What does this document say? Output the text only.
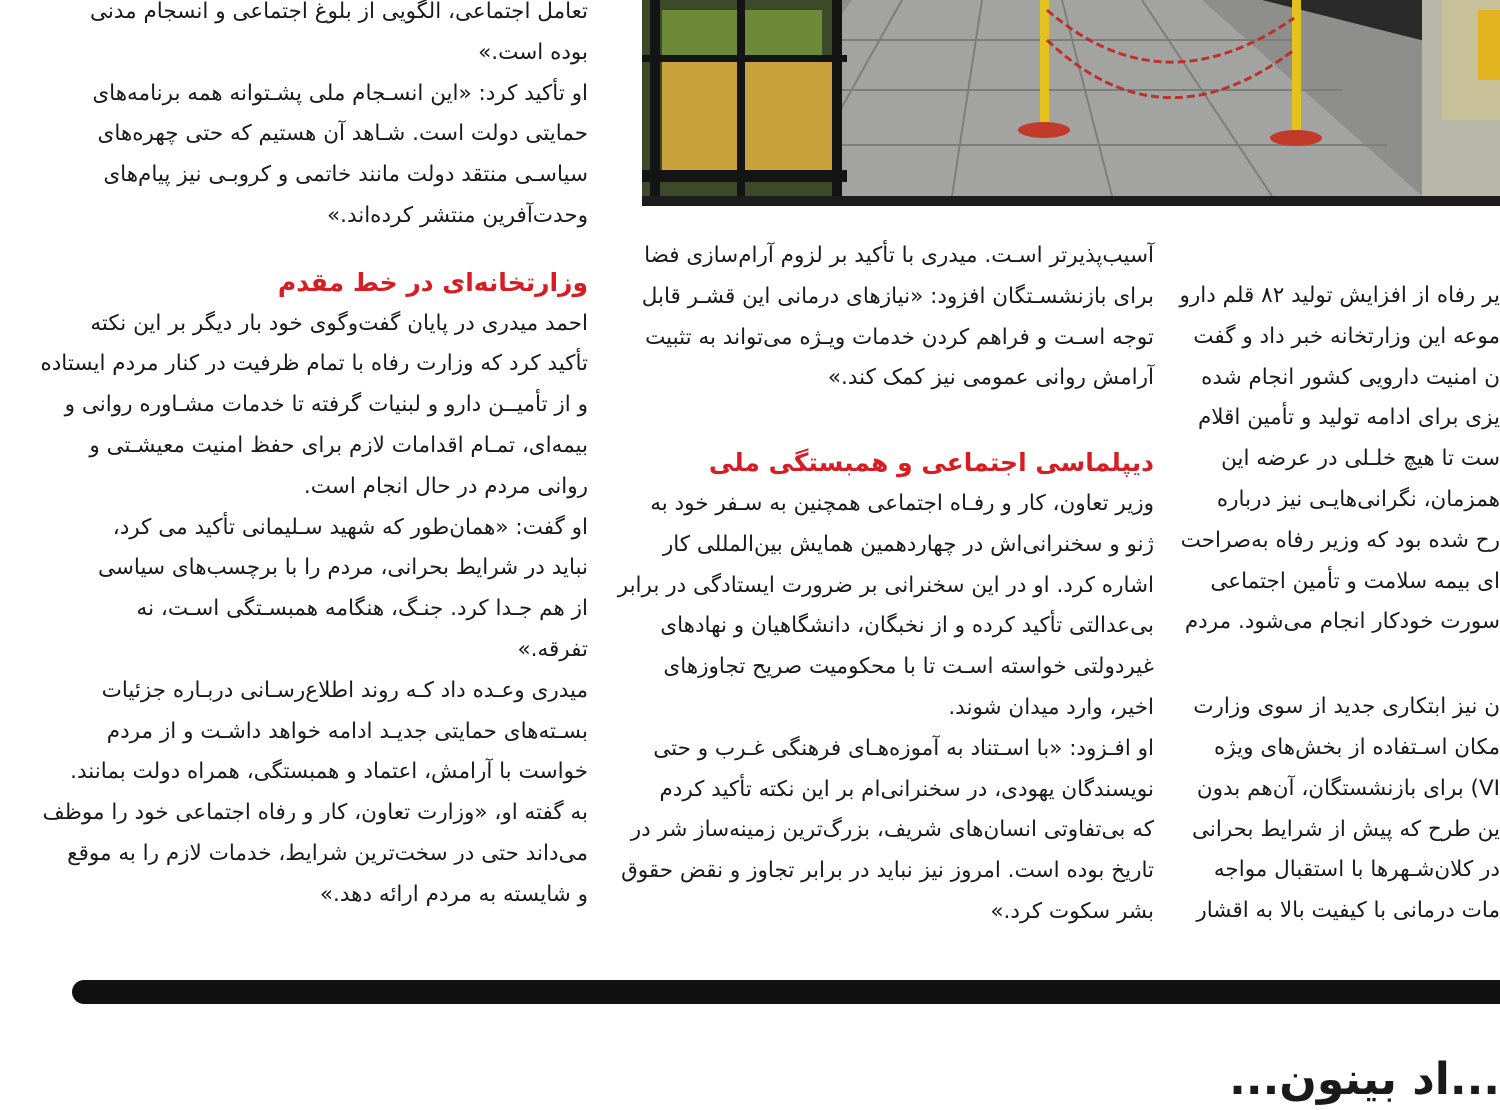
تعامل اجتماعی، الگویی از بلوغ اجتماعی و انسجام مدنی
بوده است.»

او تأکید کرد: «این انسـجام ملی پشـتوانه همه برنامه‌های
حمایتی دولت است. شـاهد آن هستیم که حتی چهره‌های
سیاسـی منتقد دولت مانند خاتمی و کروبـی نیز پیام‌های
وحدت‌آفرین منتشر کرده‌اند.»

وزارتخانه‌ای در خط مقدم

احمد میدری در پایان گفت‌وگوی خود بار دیگر بر این نکته
تأکید کرد که وزارت رفاه با تمام ظرفیت در کنار مردم ایستاده
و از تأمیــن دارو و لبنیات گرفته تا خدمات مشـاوره روانی و
بیمه‌ای، تمـام اقدامات لازم برای حفظ امنیت معیشـتی و
روانی مردم در حال انجام است.

او گفت: «همان‌طور که شهید سـلیمانی تأکید می کرد،
نباید در شرایط بحرانی، مردم را با برچسب‌های سیاسی
از هم جـدا کرد. جنـگ، هنگامه همبسـتگی اسـت، نه
تفرقه.»

میدری وعـده داد کـه روند اطلاع‌رسـانی دربـاره جزئیات
بسـته‌های حمایتی جدیـد ادامه خواهد داشـت و از مردم
خواست با آرامش، اعتماد و همبستگی، همراه دولت بمانند.
به گفته او، «وزارت تعاون، کار و رفاه اجتماعی خود را موظف
می‌داند حتی در سخت‌ترین شرایط، خدمات لازم را به موقع
و شایسته به مردم ارائه دهد.»

آسیب‌پذیرتر اسـت. میدری با تأکید بر لزوم آرام‌سازی فضا
برای بازنشسـتگان افزود: «نیازهای درمانی این قشـر قابل
توجه اسـت و فراهم کردن خدمات ویـژه می‌تواند به تثبیت
آرامش روانی عمومی نیز کمک کند.»

دیپلماسی اجتماعی و همبستگی ملی

وزیر تعاون، کار و رفـاه اجتماعی همچنین به سـفر خود به
ژنو و سخنرانی‌اش در چهاردهمین همایش بین‌المللی کار
اشاره کرد. او در این سخنرانی بر ضرورت ایستادگی در برابر
بی‌عدالتی تأکید کرده و از نخبگان، دانشگاهیان و نهادهای
غیردولتی خواسته اسـت تا با محکومیت صریح تجاوزهای
اخیر، وارد میدان شوند.

او افـزود: «با اسـتناد به آموزه‌هـای فرهنگی غـرب و حتی
نویسندگان یهودی، در سخنرانی‌ام بر این نکته تأکید کردم
که بی‌تفاوتی انسان‌های شریف، بزرگ‌ترین زمینه‌ساز شر در
تاریخ بوده است. امروز نیز نباید در برابر تجاوز و نقض حقوق
بشر سکوت کرد.»

یر رفاه از افزایش تولید ۸۲ قلم دارو
موعه این وزارتخانه خبر داد و گفت
ن امنیت دارویی کشور انجام شده
یزی برای ادامه تولید و تأمین اقلام
ست تا هیچ خلـلی در عرضه این
همزمان، نگرانی‌هایـی نیز درباره
رح شده بود که وزیر رفاه به‌صراحت
ای بیمه سلامت و تأمین اجتماعی
سورت خودکار انجام می‌شود. مردم

ن نیز ابتکاری جدید از سوی وزارت
مکان اسـتفاده از بخش‌های ویژه
VI) برای بازنشستگان، آن‌هم بدون
ین طرح که پیش از شرایط بحرانی
در کلان‌شـهرها با استقبال مواجه
مات درمانی با کیفیت بالا به اقشار

...اد بینون...
